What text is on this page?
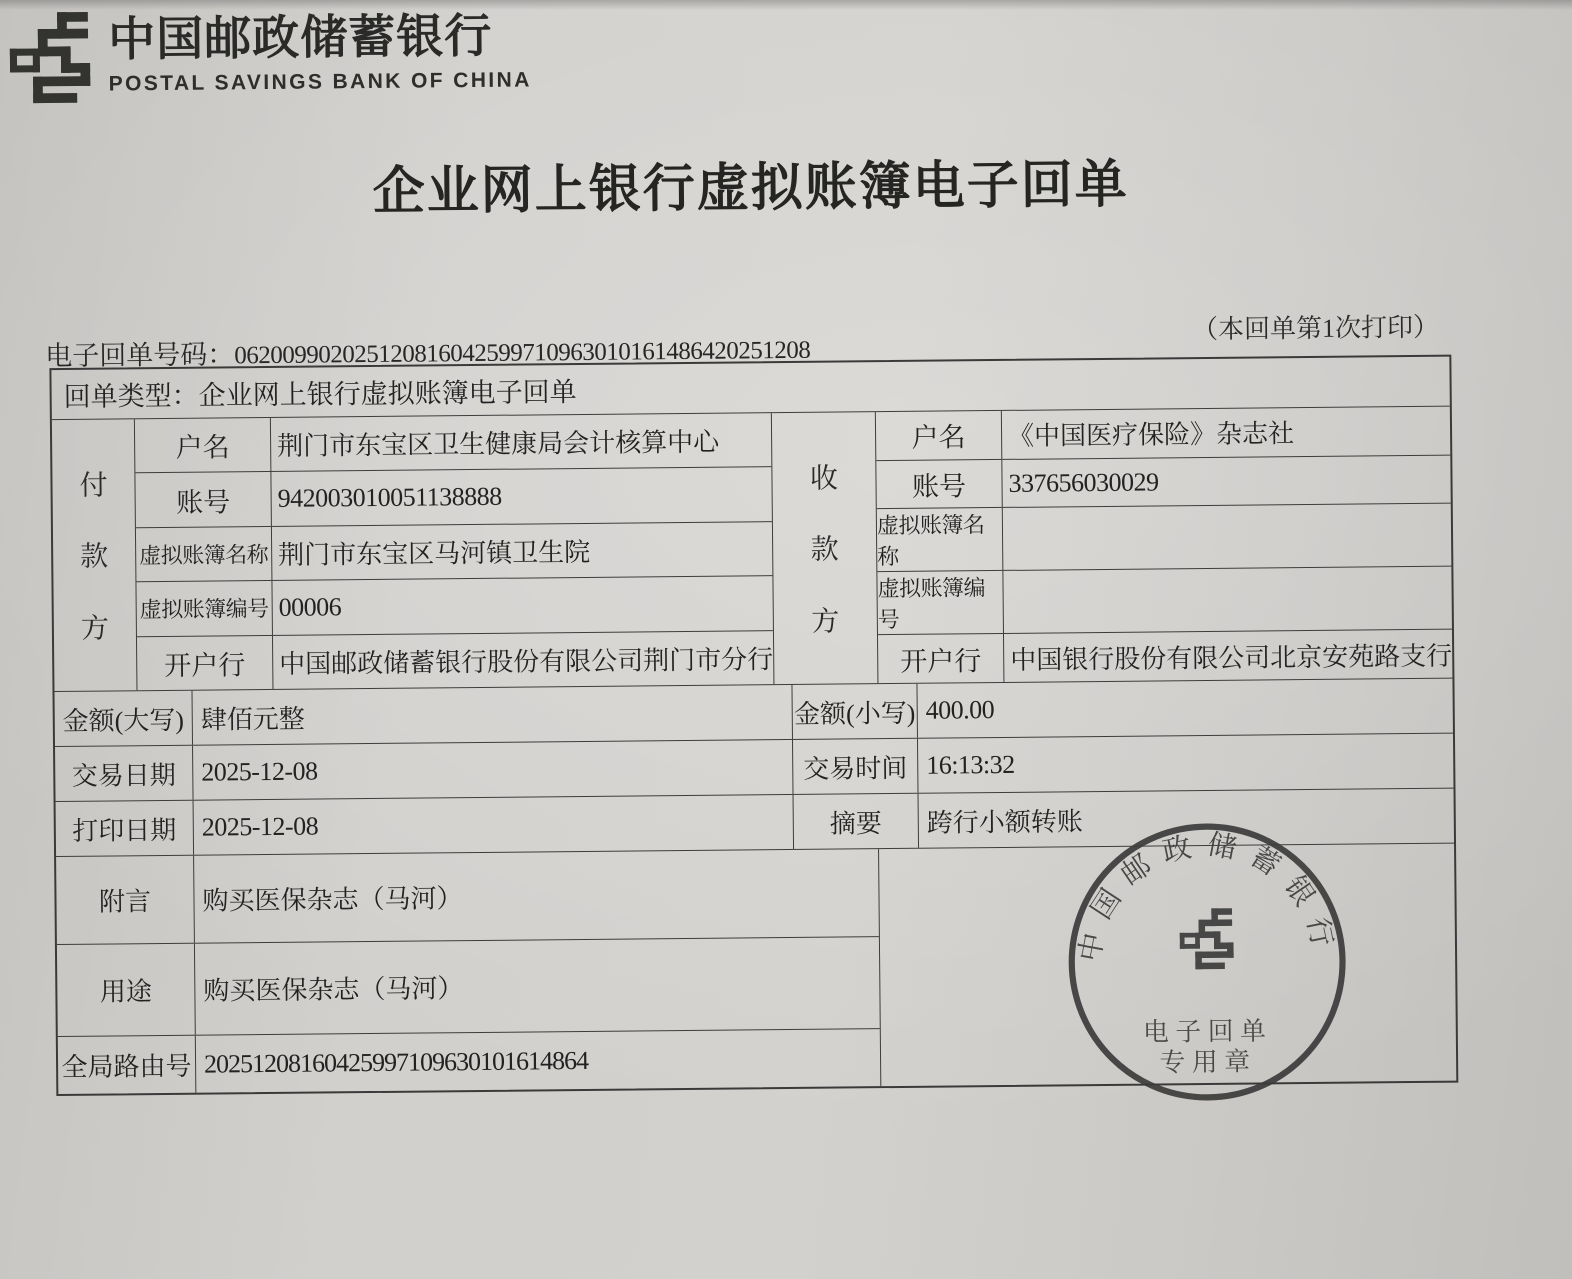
中国邮政储蓄银行
POSTAL SAVINGS BANK OF CHINA
企业网上银行虚拟账簿电子回单
电子回单号码：062009902025120816042599710963010161486420251208
（本回单第1次打印）
回单类型： 企业网上银行虚拟账簿电子回单
付
款
方
户名	荆门市东宝区卫生健康局会计核算中心
账号	942003010051138888
虚拟账簿名称 荆门市东宝区马河镇卫生院
虚拟账簿编号 00006
开户行	中国邮政储蓄银行股份有限公司荆门市分行
收
款
方
户名	《中国医疗保险》杂志社
账号	337656030029
虚拟账簿名称
虚拟账簿编号
开户行	中国银行股份有限公司北京安苑路支行
金额(大写) 肆佰元整	金额(小写) 400.00
交易日期 2025-12-08	交易时间 16:13:32
打印日期 2025-12-08	摘要	跨行小额转账
附言	购买医保杂志（马河）
用途	购买医保杂志（马河）
全局路由号 20251208160425997109630101614864
中国邮政储蓄银行
电子回单
专用章
